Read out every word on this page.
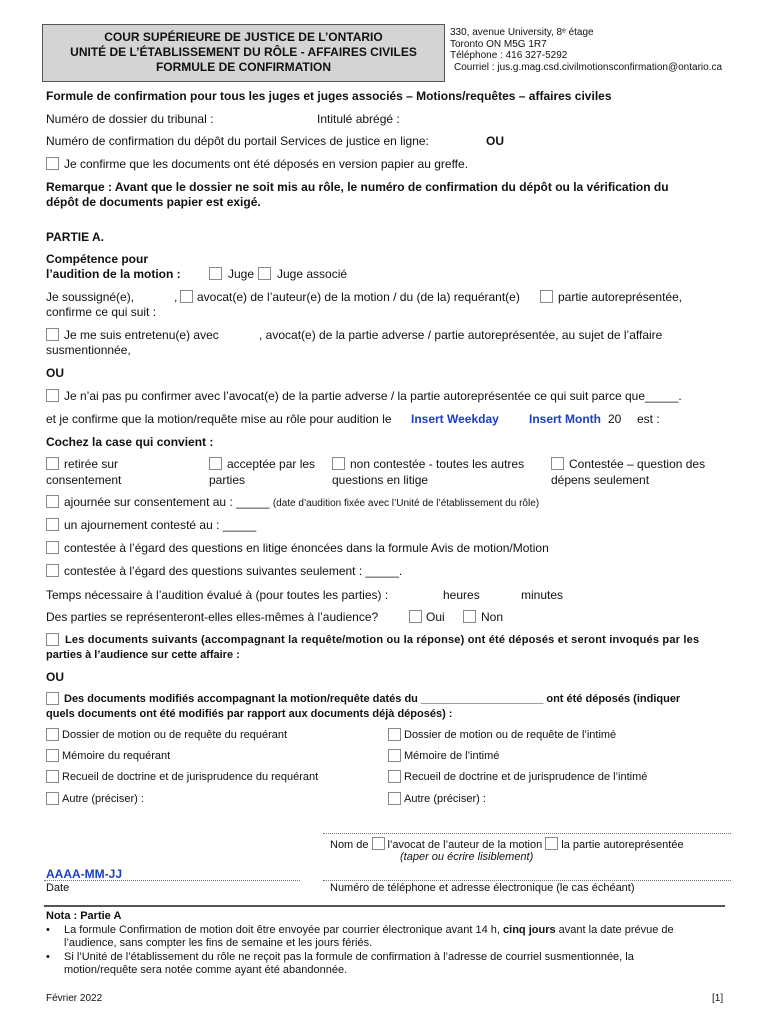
COUR SUPÉRIEURE DE JUSTICE DE L’ONTARIO
UNITÉ DE L’ÉTABLISSEMENT DU RÔLE - AFFAIRES CIVILES
FORMULE DE CONFIRMATION
330, avenue University, 8ᵉ étage
Toronto ON M5G 1R7
Téléphone : 416 327-5292
Courriel : jus.g.mag.csd.civilmotionsconfirmation@ontario.ca
Formule de confirmation pour tous les juges et juges associés – Motions/requêtes – affaires civiles
Numéro de dossier du tribunal :	Intitulé abrégé :
Numéro de confirmation du dépôt du portail Services de justice en ligne:	OU
Je confirme que les documents ont été déposés en version papier au greffe.
Remarque : Avant que le dossier ne soit mis au rôle, le numéro de confirmation du dépôt ou la vérification du
dépôt de documents papier est exigé.
PARTIE A.
Compétence pour
l’audition de la motion :	Juge Juge associé
Je soussigné(e),	, avocat(e) de l’auteur(e) de la motion / du (de la) requérant(e)	partie autoreprésentée,
confirme ce qui suit :
Je me suis entretenu(e) avec	, avocat(e) de la partie adverse / partie autoreprésentée, au sujet de l’affaire
susmentionnée,
OU
Je n’ai pas pu confirmer avec l’avocat(e) de la partie adverse / la partie autoreprésentée ce qui suit parce que_____.
et je confirme que la motion/requête mise au rôle pour audition le Insert Weekday	Insert Month 20 est :
Cochez la case qui convient :
retirée sur
consentement
acceptée par les
parties
non contestée - toutes les autres
questions en litige
Contestée – question des
dépens seulement
ajournée sur consentement au : _____ (date d’audition fixée avec l’Unité de l’établissement du rôle)
un ajournement contesté au : _____
contestée à l’égard des questions en litige énoncées dans la formule Avis de motion/Motion
contestée à l’égard des questions suivantes seulement : _____.
Temps nécessaire à l’audition évalué à (pour toutes les parties) :	heures	minutes
Des parties se représenteront-elles elles-mêmes à l’audience?	Oui	Non
Les documents suivants (accompagnant la requête/motion ou la réponse) ont été déposés et seront invoqués par les
parties à l’audience sur cette affaire :
OU
Des documents modifiés accompagnant la motion/requête datés du ____________________ ont été déposés (indiquer
quels documents ont été modifiés par rapport aux documents déjà déposés) :
Dossier de motion ou de requête du requérant	Dossier de motion ou de requête de l’intimé
Mémoire du requérant	Mémoire de l’intimé
Recueil de doctrine et de jurisprudence du requérant	Recueil de doctrine et de jurisprudence de l’intimé
Autre (préciser) :	Autre (préciser) :
Nom de l’avocat de l’auteur de la motion la partie autoreprésentée
(taper ou écrire lisiblement)
AAAA-MM-JJ
Date	Numéro de téléphone et adresse électronique (le cas échéant)
Nota : Partie A
• La formule Confirmation de motion doit être envoyée par courrier électronique avant 14 h, cinq jours avant la date prévue de
l’audience, sans compter les fins de semaine et les jours fériés.
• Si l’Unité de l’établissement du rôle ne reçoit pas la formule de confirmation à l’adresse de courriel susmentionnée, la
motion/requête sera notée comme ayant été abandonnée.
Février 2022	[1]
